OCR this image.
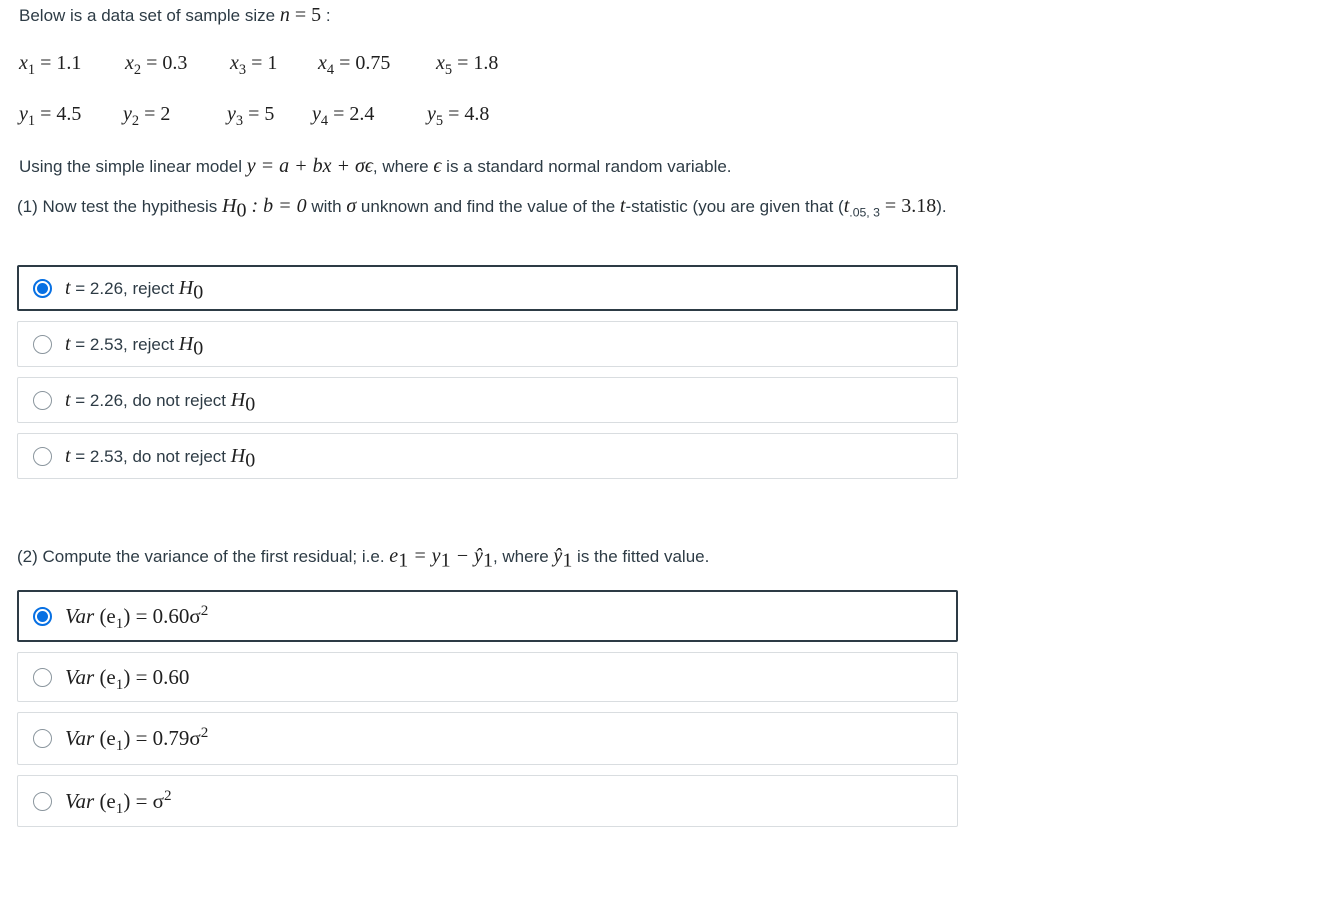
Below is a data set of sample size n = 5 :
$x_1 = 1.1$ $x_2 = 0.3$ $x_3 = 1$ $x_4 = 0.75$ $x_5 = 1.8$
$y_1 = 4.5$ $y_2 = 2$	$y_3 = 5$ $y_4 = 2.4$	$y_5 = 4.8$
Using the simple linear model y = a + bx + σϵ, where ϵ is a standard normal random variable.
(1) Now test the hypithesis $H_0$ : b = 0 with σ unknown and find the value of the t-statistic (you are given that $(t_{.05, 3} = 3.18)$.
t = 2.26, reject $H_0$
t = 2.53, reject $H_0$
t = 2.26, do not reject $H_0$
t = 2.53, do not reject $H_0$
(2) Compute the variance of the first residual; i.e. $e_1 = y_1$ − $ŷ_1$, where $ŷ_1$ is the fitted value.
Var $(e_1) = 0.60\sigma^2$
Var $(e_1) = 0.60$
Var $(e_1) = 0.79\sigma^2$
Var $(e_1) = \sigma^2$
